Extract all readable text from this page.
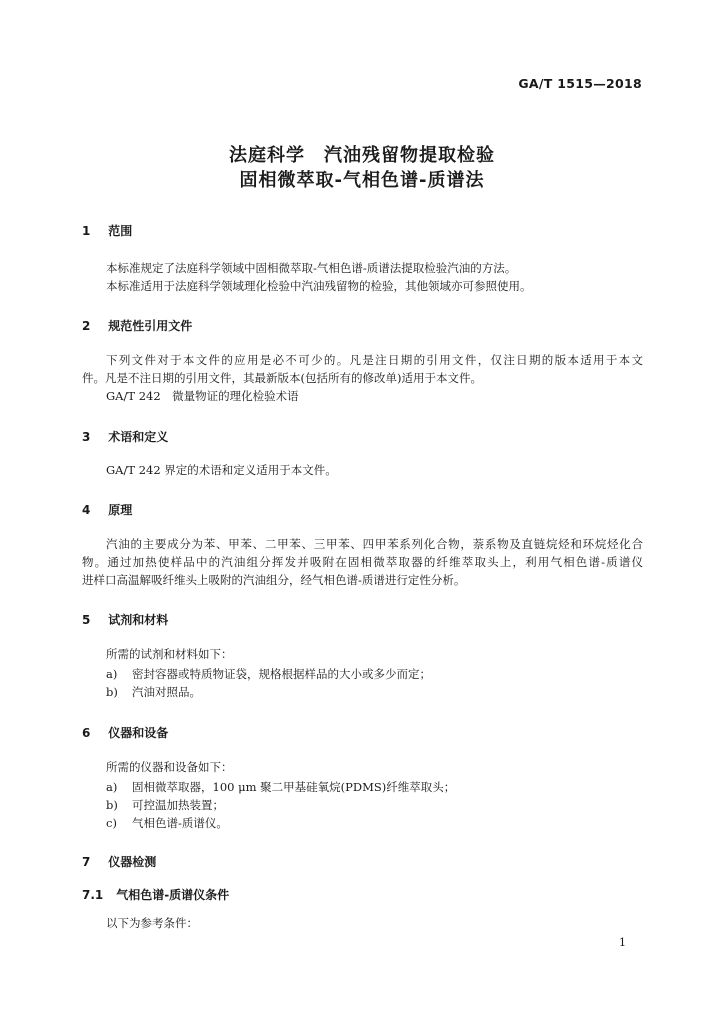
GA/T 1515—2018
法庭科学　汽油残留物提取检验
固相微萃取-气相色谱-质谱法
1 范围
本标准规定了法庭科学领域中固相微萃取-气相色谱-质谱法提取检验汽油的方法。
本标准适用于法庭科学领域理化检验中汽油残留物的检验，其他领域亦可参照使用。
2 规范性引用文件
下列文件对于本文件的应用是必不可少的。凡是注日期的引用文件，仅注日期的版本适用于本文
件。凡是不注日期的引用文件，其最新版本(包括所有的修改单)适用于本文件。
GA/T 242　微量物证的理化检验术语
3 术语和定义
GA/T 242 界定的术语和定义适用于本文件。
4 原理
汽油的主要成分为苯、甲苯、二甲苯、三甲苯、四甲苯系列化合物，萘系物及直链烷烃和环烷烃化合
物。通过加热使样品中的汽油组分挥发并吸附在固相微萃取器的纤维萃取头上，利用气相色谱-质谱仪
进样口高温解吸纤维头上吸附的汽油组分，经气相色谱-质谱进行定性分析。
5 试剂和材料
所需的试剂和材料如下：
a) 密封容器或特质物证袋，规格根据样品的大小或多少而定；
b) 汽油对照品。
6 仪器和设备
所需的仪器和设备如下：
a) 固相微萃取器，100 μm 聚二甲基硅氧烷(PDMS)纤维萃取头；
b) 可控温加热装置；
c) 气相色谱-质谱仪。
7 仪器检测
7.1 气相色谱-质谱仪条件
以下为参考条件：
1
